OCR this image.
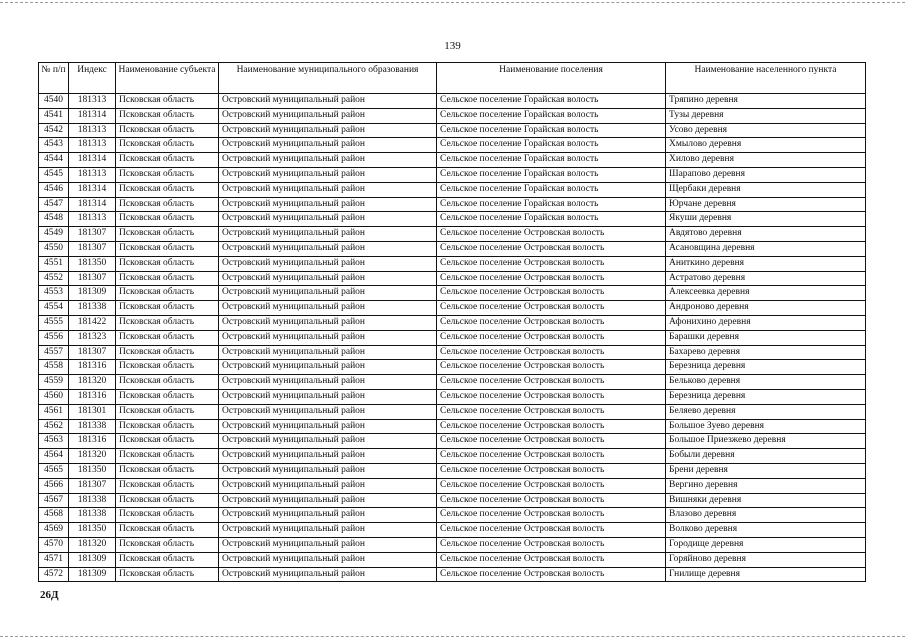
139
№ п/п	Индекс	Наименование субъекта	Наименование муниципального образования	Наименование поселения	Наименование населенного пункта
4540	181313	Псковская область	Островский муниципальный район	Сельское поселение Горайская волость	Тряпино деревня
4541	181314	Псковская область	Островский муниципальный район	Сельское поселение Горайская волость	Тузы деревня
4542	181313	Псковская область	Островский муниципальный район	Сельское поселение Горайская волость	Усово деревня
4543	181313	Псковская область	Островский муниципальный район	Сельское поселение Горайская волость	Хмылово деревня
4544	181314	Псковская область	Островский муниципальный район	Сельское поселение Горайская волость	Хилово деревня
4545	181313	Псковская область	Островский муниципальный район	Сельское поселение Горайская волость	Шарапово деревня
4546	181314	Псковская область	Островский муниципальный район	Сельское поселение Горайская волость	Щербаки деревня
4547	181314	Псковская область	Островский муниципальный район	Сельское поселение Горайская волость	Юрчане деревня
4548	181313	Псковская область	Островский муниципальный район	Сельское поселение Горайская волость	Якуши деревня
4549	181307	Псковская область	Островский муниципальный район	Сельское поселение Островская волость	Авдятово деревня
4550	181307	Псковская область	Островский муниципальный район	Сельское поселение Островская волость	Асановщина деревня
4551	181350	Псковская область	Островский муниципальный район	Сельское поселение Островская волость	Аниткино деревня
4552	181307	Псковская область	Островский муниципальный район	Сельское поселение Островская волость	Астратово деревня
4553	181309	Псковская область	Островский муниципальный район	Сельское поселение Островская волость	Алексеевка деревня
4554	181338	Псковская область	Островский муниципальный район	Сельское поселение Островская волость	Андроново деревня
4555	181422	Псковская область	Островский муниципальный район	Сельское поселение Островская волость	Афонихино деревня
4556	181323	Псковская область	Островский муниципальный район	Сельское поселение Островская волость	Барашки деревня
4557	181307	Псковская область	Островский муниципальный район	Сельское поселение Островская волость	Бахарево деревня
4558	181316	Псковская область	Островский муниципальный район	Сельское поселение Островская волость	Березница деревня
4559	181320	Псковская область	Островский муниципальный район	Сельское поселение Островская волость	Бельково деревня
4560	181316	Псковская область	Островский муниципальный район	Сельское поселение Островская волость	Березница деревня
4561	181301	Псковская область	Островский муниципальный район	Сельское поселение Островская волость	Беляево деревня
4562	181338	Псковская область	Островский муниципальный район	Сельское поселение Островская волость	Большое Зуево деревня
4563	181316	Псковская область	Островский муниципальный район	Сельское поселение Островская волость	Большое Приезжево деревня
4564	181320	Псковская область	Островский муниципальный район	Сельское поселение Островская волость	Бобыли деревня
4565	181350	Псковская область	Островский муниципальный район	Сельское поселение Островская волость	Брени деревня
4566	181307	Псковская область	Островский муниципальный район	Сельское поселение Островская волость	Вергино деревня
4567	181338	Псковская область	Островский муниципальный район	Сельское поселение Островская волость	Вишняки деревня
4568	181338	Псковская область	Островский муниципальный район	Сельское поселение Островская волость	Влазово деревня
4569	181350	Псковская область	Островский муниципальный район	Сельское поселение Островская волость	Волково деревня
4570	181320	Псковская область	Островский муниципальный район	Сельское поселение Островская волость	Городище деревня
4571	181309	Псковская область	Островский муниципальный район	Сельское поселение Островская волость	Горяйново деревня
4572	181309	Псковская область	Островский муниципальный район	Сельское поселение Островская волость	Гнилище деревня
26Д
